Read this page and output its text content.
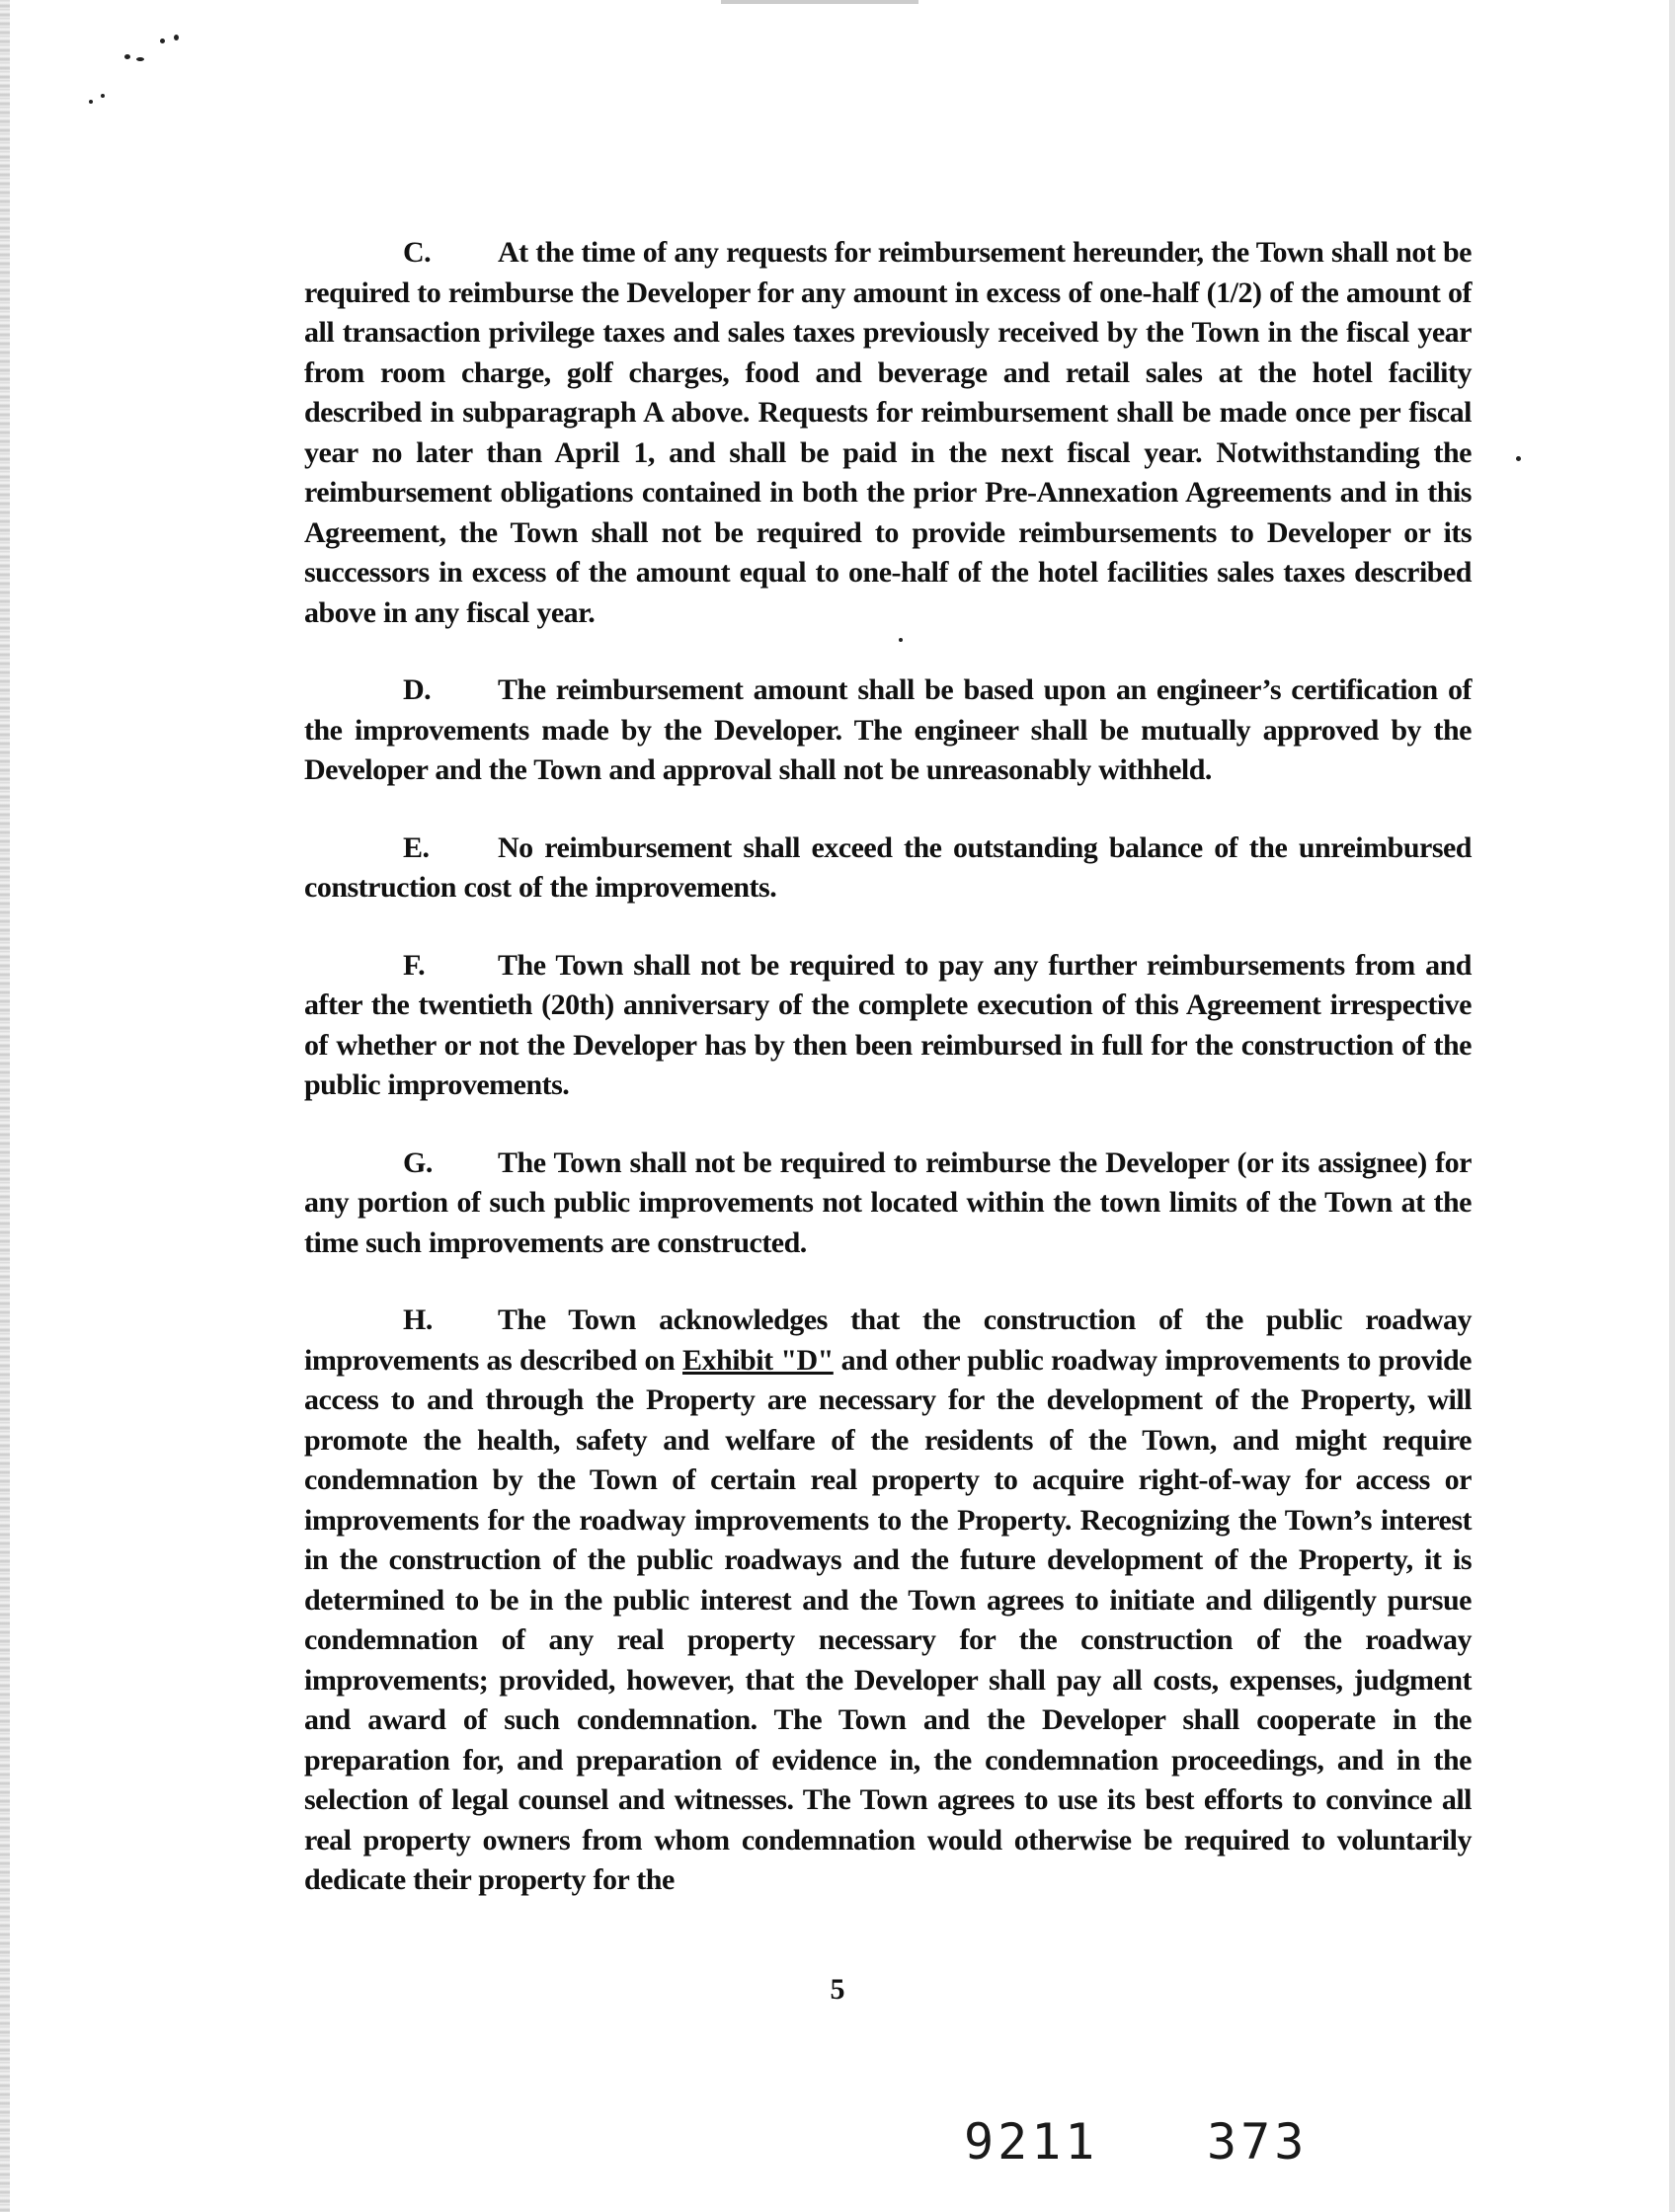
C. At the time of any requests for reimbursement hereunder, the Town shall not be required to reimburse the Developer for any amount in excess of one-half (1/2) of the amount of all transaction privilege taxes and sales taxes previously received by the Town in the fiscal year from room charge, golf charges, food and beverage and retail sales at the hotel facility described in subparagraph A above. Requests for reimbursement shall be made once per fiscal year no later than April 1, and shall be paid in the next fiscal year. Notwithstanding the reimbursement obligations contained in both the prior Pre-Annexation Agreements and in this Agreement, the Town shall not be required to provide reimbursements to Developer or its successors in excess of the amount equal to one-half of the hotel facilities sales taxes described above in any fiscal year.

D. The reimbursement amount shall be based upon an engineer’s certification of the improvements made by the Developer. The engineer shall be mutually approved by the Developer and the Town and approval shall not be unreasonably withheld.

E. No reimbursement shall exceed the outstanding balance of the unreimbursed construction cost of the improvements.

F. The Town shall not be required to pay any further reimbursements from and after the twentieth (20th) anniversary of the complete execution of this Agreement irrespective of whether or not the Developer has by then been reimbursed in full for the construction of the public improvements.

G. The Town shall not be required to reimburse the Developer (or its assignee) for any portion of such public improvements not located within the town limits of the Town at the time such improvements are constructed.

H. The Town acknowledges that the construction of the public roadway improvements as described on Exhibit "D" and other public roadway improvements to provide access to and through the Property are necessary for the development of the Property, will promote the health, safety and welfare of the residents of the Town, and might require condemnation by the Town of certain real property to acquire right-of-way for access or improvements for the roadway improvements to the Property. Recognizing the Town’s interest in the construction of the public roadways and the future development of the Property, it is determined to be in the public interest and the Town agrees to initiate and diligently pursue condemnation of any real property necessary for the construction of the roadway improvements; provided, however, that the Developer shall pay all costs, expenses, judgment and award of such condemnation. The Town and the Developer shall cooperate in the preparation for, and preparation of evidence in, the condemnation proceedings, and in the selection of legal counsel and witnesses. The Town agrees to use its best efforts to convince all real property owners from whom condemnation would otherwise be required to voluntarily dedicate their property for the

5
9211 373
